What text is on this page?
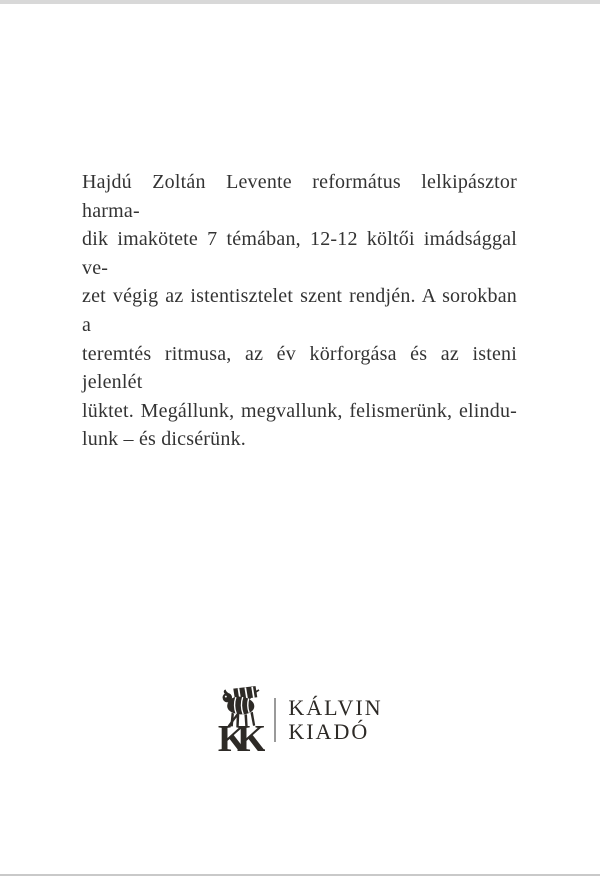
Hajdú Zoltán Levente református lelkipásztor harma-
dik imakötete 7 témában, 12-12 költői imádsággal ve-
zet végig az istentisztelet szent rendjén. A sorokban a
teremtés ritmusa, az év körforgása és az isteni jelenlét
lüktet. Megállunk, megvallunk, felismerünk, elindu-
lunk – és dicsérünk.
KK
KÁLVIN
KIADÓ
